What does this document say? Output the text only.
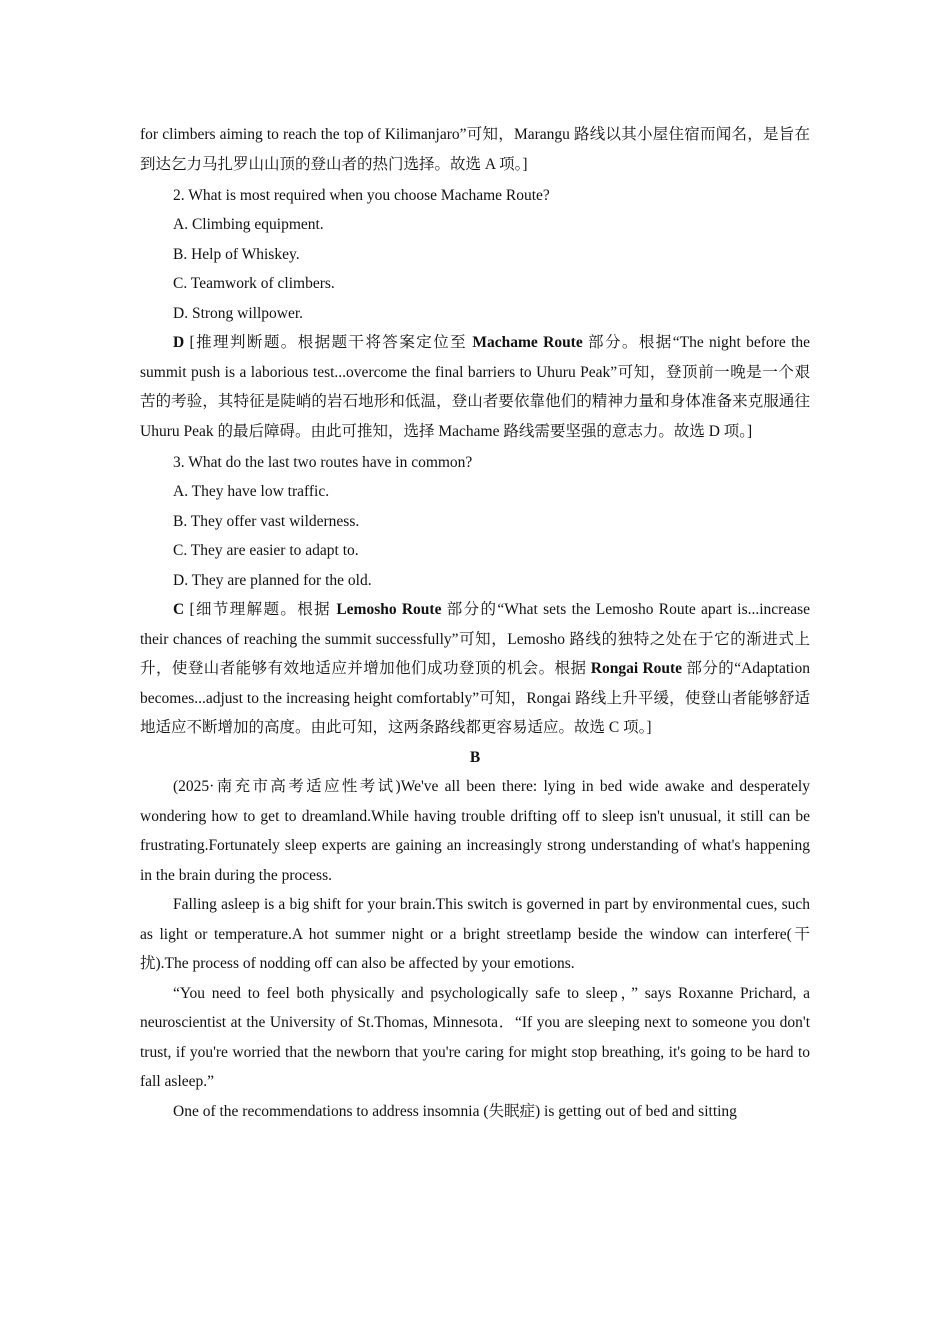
for climbers aiming to reach the top of Kilimanjaro”可知，Marangu 路线以其小屋住宿而闻名，是旨在到达乞力马扎罗山山顶的登山者的热门选择。故选 A 项。]

2. What is most required when you choose Machame Route?

A. Climbing equipment.

B. Help of Whiskey.

C. Teamwork of climbers.

D. Strong willpower.

D [推理判断题。根据题干将答案定位至 Machame Route 部分。根据“The night before the summit push is a laborious test...overcome the final barriers to Uhuru Peak”可知，登顶前一晚是一个艰苦的考验，其特征是陡峭的岩石地形和低温，登山者要依靠他们的精神力量和身体准备来克服通往 Uhuru Peak 的最后障碍。由此可推知，选择 Machame 路线需要坚强的意志力。故选 D 项。]

3. What do the last two routes have in common?

A. They have low traffic.

B. They offer vast wilderness.

C. They are easier to adapt to.

D. They are planned for the old.

C [细节理解题。根据 Lemosho Route 部分的“What sets the Lemosho Route apart is...increase their chances of reaching the summit successfully”可知，Lemosho 路线的独特之处在于它的渐进式上升，使登山者能够有效地适应并增加他们成功登顶的机会。根据 Rongai Route 部分的“Adaptation becomes...adjust to the increasing height comfortably”可知，Rongai 路线上升平缓，使登山者能够舒适地适应不断增加的高度。由此可知，这两条路线都更容易适应。故选 C 项。]

B

(2025·南充市高考适应性考试)We've all been there: lying in bed wide awake and desperately wondering how to get to dreamland.While having trouble drifting off to sleep isn't unusual, it still can be frustrating.Fortunately sleep experts are gaining an increasingly strong understanding of what's happening in the brain during the process.

Falling asleep is a big shift for your brain.This switch is governed in part by environmental cues, such as light or temperature.A hot summer night or a bright streetlamp beside the window can interfere(干扰).The process of nodding off can also be affected by your emotions.

“You need to feel both physically and psychologically safe to sleep，” says Roxanne Prichard, a neuroscientist at the University of St.Thomas, Minnesota．“If you are sleeping next to someone you don't trust, if you're worried that the newborn that you're caring for might stop breathing, it's going to be hard to fall asleep.”

One of the recommendations to address insomnia (失眠症) is getting out of bed and sitting
